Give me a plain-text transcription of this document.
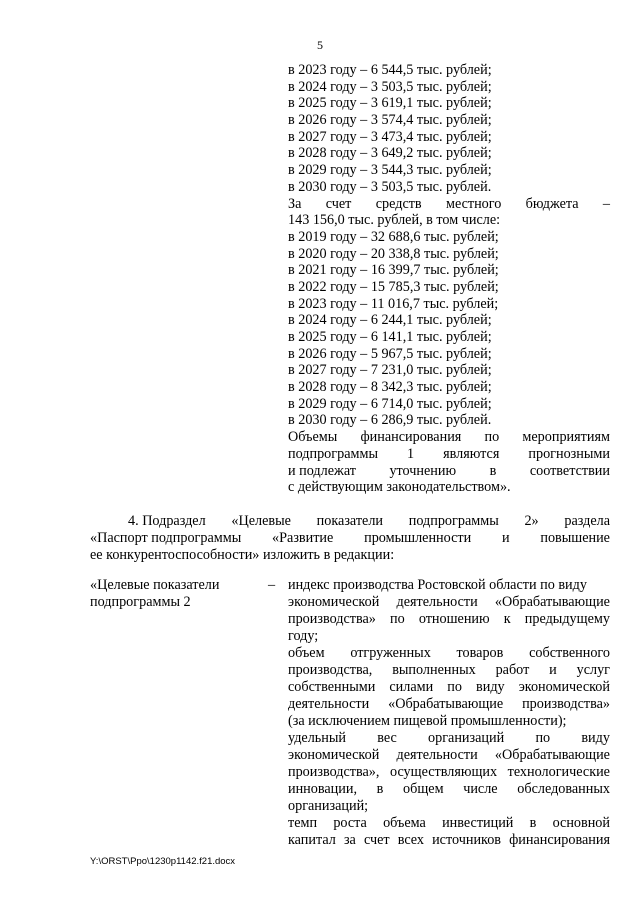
5
в 2023 году – 6 544,5 тыс. рублей;
в 2024 году – 3 503,5 тыс. рублей;
в 2025 году – 3 619,1 тыс. рублей;
в 2026 году – 3 574,4 тыс. рублей;
в 2027 году – 3 473,4 тыс. рублей;
в 2028 году – 3 649,2 тыс. рублей;
в 2029 году – 3 544,3 тыс. рублей;
в 2030 году – 3 503,5 тыс. рублей.
За счет средств местного бюджета –
143 156,0 тыс. рублей, в том числе:
в 2019 году – 32 688,6 тыс. рублей;
в 2020 году – 20 338,8 тыс. рублей;
в 2021 году – 16 399,7 тыс. рублей;
в 2022 году – 15 785,3 тыс. рублей;
в 2023 году – 11 016,7 тыс. рублей;
в 2024 году – 6 244,1 тыс. рублей;
в 2025 году – 6 141,1 тыс. рублей;
в 2026 году – 5 967,5 тыс. рублей;
в 2027 году – 7 231,0 тыс. рублей;
в 2028 году – 8 342,3 тыс. рублей;
в 2029 году – 6 714,0 тыс. рублей;
в 2030 году – 6 286,9 тыс. рублей.
Объемы финансирования по мероприятиям
подпрограммы 1 являются прогнозными
и подлежат уточнению в соответствии
с действующим законодательством».
4. Подраздел «Целевые показатели подпрограммы 2» раздела
«Паспорт подпрограммы «Развитие промышленности и повышение
ее конкурентоспособности» изложить в редакции:
«Целевые показатели
подпрограммы 2
– индекс производства Ростовской области по виду
экономической деятельности «Обрабатывающие
производства» по отношению к предыдущему
году;
объем отгруженных товаров собственного
производства, выполненных работ и услуг
собственными силами по виду экономической
деятельности «Обрабатывающие производства»
(за исключением пищевой промышленности);
удельный вес организаций по виду
экономической деятельности «Обрабатывающие
производства», осуществляющих технологические
инновации, в общем числе обследованных
организаций;
темп роста объема инвестиций в основной
капитал за счет всех источников финансирования
Y:\ORST\Ppo\1230p1142.f21.docx
